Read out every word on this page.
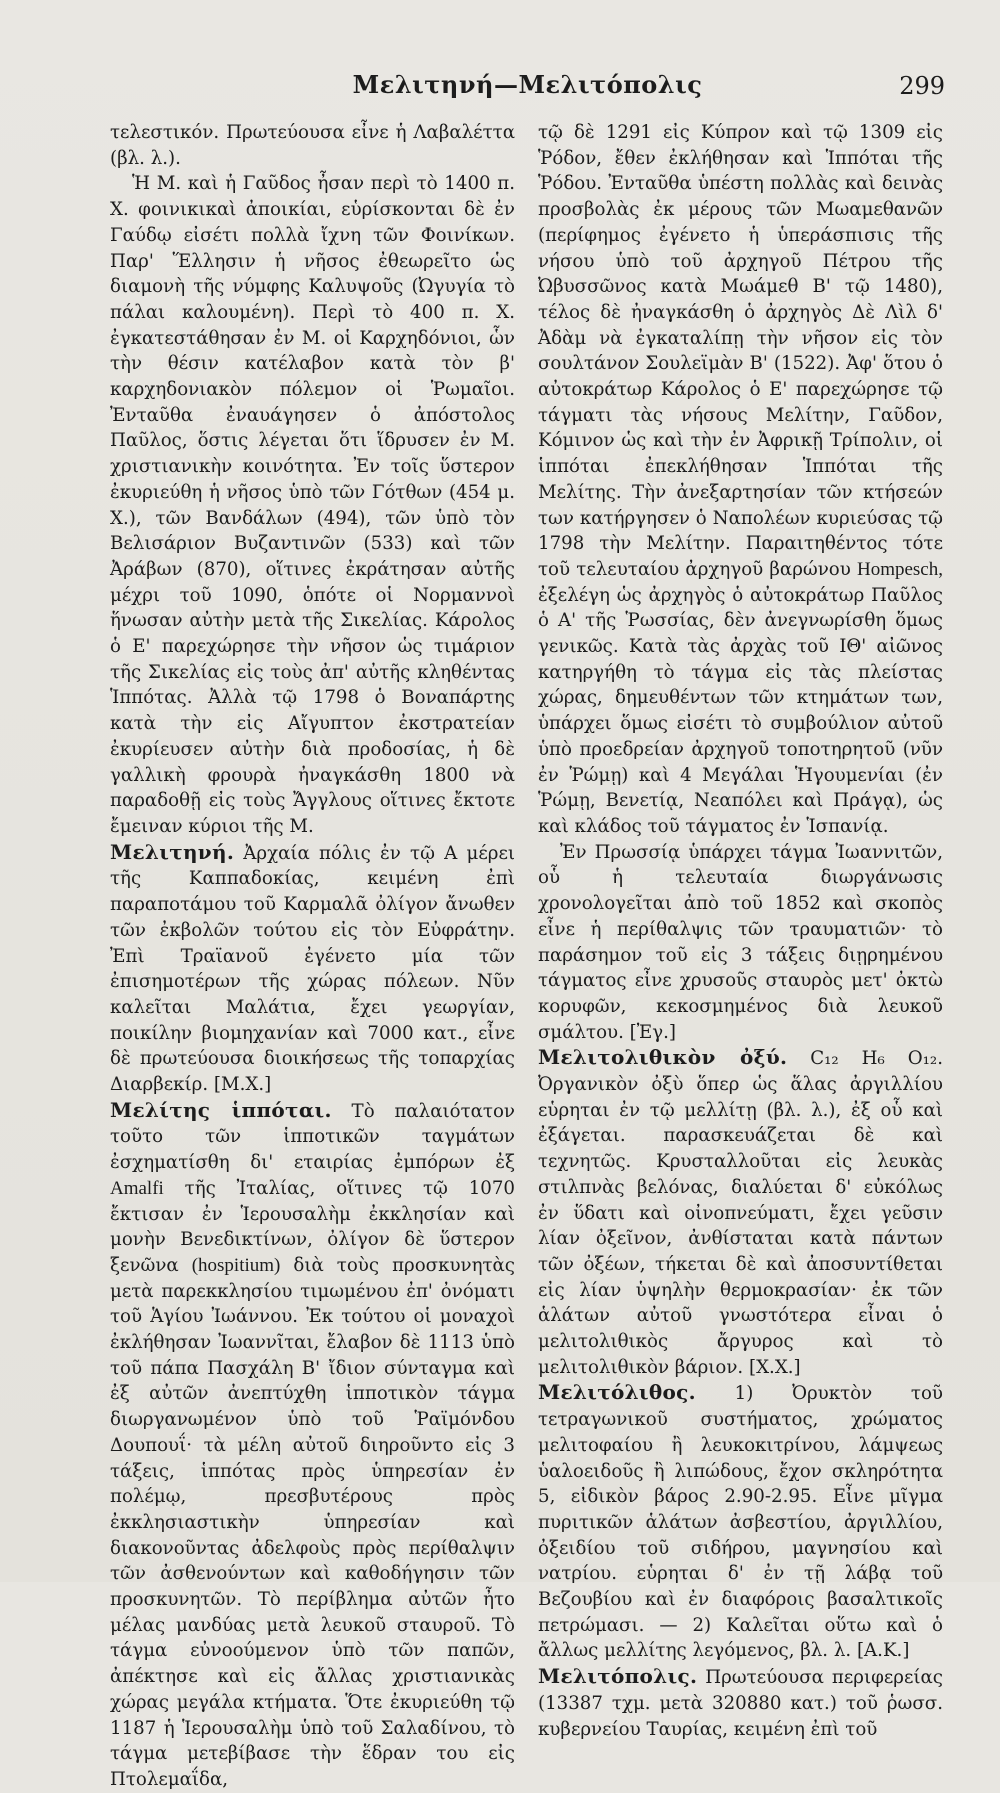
Μελιτηνή—Μελιτόπολις	299

τελεστικόν. Πρωτεύουσα εἶνε ἡ Λαβαλέττα (βλ. λ.).

Ἡ Μ. καὶ ἡ Γαῦδος ἦσαν περὶ τὸ 1400 π. Χ. φοινικικαὶ ἀποικίαι, εὑρίσκονται δὲ ἐν Γαύδῳ εἰσέτι πολλὰ ἴχνη τῶν Φοινίκων. Παρ' Ἕλλησιν ἡ νῆσος ἐθεωρεῖτο ὡς διαμονὴ τῆς νύμφης Καλυψοῦς (Ὠγυγία τὸ πάλαι καλουμένη). Περὶ τὸ 400 π. Χ. ἐγκατεστάθησαν ἐν Μ. οἱ Καρχηδόνιοι, ὧν τὴν θέσιν κατέλαβον κατὰ τὸν β' καρχηδονιακὸν πόλεμον οἱ Ῥωμαῖοι. Ἐνταῦθα ἐναυάγησεν ὁ ἀπόστολος Παῦλος, ὅστις λέγεται ὅτι ἵδρυσεν ἐν Μ. χριστιανικὴν κοινότητα. Ἐν τοῖς ὕστερον ἐκυριεύθη ἡ νῆσος ὑπὸ τῶν Γότθων (454 μ. Χ.), τῶν Βανδάλων (494), τῶν ὑπὸ τὸν Βελισάριον Βυζαντινῶν (533) καὶ τῶν Ἀράβων (870), οἵτινες ἐκράτησαν αὐτῆς μέχρι τοῦ 1090, ὁπότε οἱ Νορμαννοὶ ἥνωσαν αὐτὴν μετὰ τῆς Σικελίας. Κάρολος ὁ Ε' παρεχώρησε τὴν νῆσον ὡς τιμάριον τῆς Σικελίας εἰς τοὺς ἀπ' αὐτῆς κληθέντας Ἱππότας. Ἀλλὰ τῷ 1798 ὁ Βοναπάρτης κατὰ τὴν εἰς Αἴγυπτον ἐκστρατείαν ἐκυρίευσεν αὐτὴν διὰ προδοσίας, ἡ δὲ γαλλικὴ φρουρὰ ἠναγκάσθη 1800 νὰ παραδοθῇ εἰς τοὺς Ἄγγλους οἵτινες ἔκτοτε ἔμειναν κύριοι τῆς Μ.

Μελιτηνή. Ἀρχαία πόλις ἐν τῷ Α μέρει τῆς Καππαδοκίας, κειμένη ἐπὶ παραποτάμου τοῦ Καρμαλᾶ ὀλίγον ἄνωθεν τῶν ἐκβολῶν τούτου εἰς τὸν Εὐφράτην. Ἐπὶ Τραϊανοῦ ἐγένετο μία τῶν ἐπισημοτέρων τῆς χώρας πόλεων. Νῦν καλεῖται Μαλάτια, ἔχει γεωργίαν, ποικίλην βιομηχανίαν καὶ 7000 κατ., εἶνε δὲ πρωτεύουσα διοικήσεως τῆς τοπαρχίας Διαρβεκίρ. [Μ.Χ.]

Μελίτης ἱππόται. Τὸ παλαιότατον τοῦτο τῶν ἱπποτικῶν ταγμάτων ἐσχηματίσθη δι' εταιρίας ἐμπόρων ἐξ Amalfi τῆς Ἰταλίας, οἵτινες τῷ 1070 ἔκτισαν ἐν Ἱερουσαλὴμ ἐκκλησίαν καὶ μονὴν Βενεδικτίνων, ὀλίγον δὲ ὕστερον ξενῶνα (hospitium) διὰ τοὺς προσκυνητὰς μετὰ παρεκκλησίου τιμωμένου ἐπ' ὀνόματι τοῦ Ἁγίου Ἰωάννου. Ἐκ τούτου οἱ μοναχοὶ ἐκλήθησαν Ἰωαννῖται, ἔλαβον δὲ 1113 ὑπὸ τοῦ πάπα Πασχάλη Β' ἴδιον σύνταγμα καὶ ἐξ αὐτῶν ἀνεπτύχθη ἱπποτικὸν τάγμα διωργανωμένον ὑπὸ τοῦ Ῥαϊμόνδου Δουπουΐ· τὰ μέλη αὐτοῦ διηροῦντο εἰς 3 τάξεις, ἱππότας πρὸς ὑπηρεσίαν ἐν πολέμῳ, πρεσβυτέρους πρὸς ἐκκλησιαστικὴν ὑπηρεσίαν καὶ διακονοῦντας ἀδελφοὺς πρὸς περίθαλψιν τῶν ἀσθενούντων καὶ καθοδήγησιν τῶν προσκυνητῶν. Τὸ περίβλημα αὐτῶν ἦτο μέλας μανδύας μετὰ λευκοῦ σταυροῦ. Τὸ τάγμα εὐνοούμενον ὑπὸ τῶν παπῶν, ἀπέκτησε καὶ εἰς ἄλλας χριστιανικὰς χώρας μεγάλα κτήματα. Ὅτε ἐκυριεύθη τῷ 1187 ἡ Ἱερουσαλὴμ ὑπὸ τοῦ Σαλαδίνου, τὸ τάγμα μετεβίβασε τὴν ἕδραν του εἰς Πτολεμαΐδα,

τῷ δὲ 1291 εἰς Κύπρον καὶ τῷ 1309 εἰς Ῥόδον, ἔθεν ἐκλήθησαν καὶ Ἱππόται τῆς Ῥόδου. Ἐνταῦθα ὑπέστη πολλὰς καὶ δεινὰς προσβολὰς ἐκ μέρους τῶν Μωαμεθανῶν (περίφημος ἐγένετο ἡ ὑπεράσπισις τῆς νήσου ὑπὸ τοῦ ἀρχηγοῦ Πέτρου τῆς Ὠβυσσῶνος κατὰ Μωάμεθ Β' τῷ 1480), τέλος δὲ ἠναγκάσθη ὁ ἀρχηγὸς Δὲ Λὶλ δ' Ἀδὰμ νὰ ἐγκαταλίπῃ τὴν νῆσον εἰς τὸν σουλτάνον Σουλεϊμὰν Β' (1522). Ἀφ' ὅτου ὁ αὐτοκράτωρ Κάρολος ὁ Ε' παρεχώρησε τῷ τάγματι τὰς νήσους Μελίτην, Γαῦδον, Κόμινον ὡς καὶ τὴν ἐν Ἀφρικῇ Τρίπολιν, οἱ ἱππόται ἐπεκλήθησαν Ἱππόται τῆς Μελίτης. Τὴν ἀνεξαρτησίαν τῶν κτήσεών των κατήργησεν ὁ Ναπολέων κυριεύσας τῷ 1798 τὴν Μελίτην. Παραιτηθέντος τότε τοῦ τελευταίου ἀρχηγοῦ βαρώνου Hompesch, ἐξελέγη ὡς ἀρχηγὸς ὁ αὐτοκράτωρ Παῦλος ὁ Α' τῆς Ῥωσσίας, δὲν ἀνεγνωρίσθη ὅμως γενικῶς. Κατὰ τὰς ἀρχὰς τοῦ ΙΘ' αἰῶνος κατηργήθη τὸ τάγμα εἰς τὰς πλείστας χώρας, δημευθέντων τῶν κτημάτων των, ὑπάρχει ὅμως εἰσέτι τὸ συμβούλιον αὐτοῦ ὑπὸ προεδρείαν ἀρχηγοῦ τοποτηρητοῦ (νῦν ἐν Ῥώμῃ) καὶ 4 Μεγάλαι Ἡγουμενίαι (ἐν Ῥώμῃ, Βενετίᾳ, Νεαπόλει καὶ Πράγᾳ), ὡς καὶ κλάδος τοῦ τάγματος ἐν Ἱσπανίᾳ.

Ἐν Πρωσσίᾳ ὑπάρχει τάγμα Ἰωαννιτῶν, οὗ ἡ τελευταία διωργάνωσις χρονολογεῖται ἀπὸ τοῦ 1852 καὶ σκοπὸς εἶνε ἡ περίθαλψις τῶν τραυματιῶν· τὸ παράσημον τοῦ εἰς 3 τάξεις διῃρημένου τάγματος εἶνε χρυσοῦς σταυρὸς μετ' ὀκτὼ κορυφῶν, κεκοσμημένος διὰ λευκοῦ σμάλτου. [Ἐγ.]

Μελιτολιθικὸν ὀξύ. C₁₂ H₆ O₁₂. Ὀργανικὸν ὀξὺ ὅπερ ὡς ἅλας ἀργιλλίου εὑρηται ἐν τῷ μελλίτῃ (βλ. λ.), ἐξ οὗ καὶ ἐξάγεται. παρασκευάζεται δὲ καὶ τεχνητῶς. Κρυσταλλοῦται εἰς λευκὰς στιλπνὰς βελόνας, διαλύεται δ' εὐκόλως ἐν ὕδατι καὶ οἰνοπνεύματι, ἔχει γεῦσιν λίαν ὀξεῖνον, ἀνθίσταται κατὰ πάντων τῶν ὀξέων, τήκεται δὲ καὶ ἀποσυντίθεται εἰς λίαν ὑψηλὴν θερμοκρασίαν· ἐκ τῶν ἁλάτων αὐτοῦ γνωστότερα εἶναι ὁ μελιτολιθικὸς ἄργυρος καὶ τὸ μελιτολιθικὸν βάριον. [Χ.Χ.]

Μελιτόλιθος. 1) Ὀρυκτὸν τοῦ τετραγωνικοῦ συστήματος, χρώματος μελιτοφαίου ἢ λευκοκιτρίνου, λάμψεως ὑαλοειδοῦς ἢ λιπώδους, ἔχον σκληρότητα 5, εἰδικὸν βάρος 2.90-2.95. Εἶνε μῖγμα πυριτικῶν ἁλάτων ἀσβεστίου, ἀργιλλίου, ὀξειδίου τοῦ σιδήρου, μαγνησίου καὶ νατρίου. εὑρηται δ' ἐν τῇ λάβᾳ τοῦ Βεζουβίου καὶ ἐν διαφόροις βασαλτικοῖς πετρώμασι. — 2) Καλεῖται οὕτω καὶ ὁ ἄλλως μελλίτης λεγόμενος, βλ. λ. [Α.Κ.]

Μελιτόπολις. Πρωτεύουσα περιφερείας (13387 τχμ. μετὰ 320880 κατ.) τοῦ ῥωσσ. κυβερνείου Ταυρίας, κειμένη ἐπὶ τοῦ
